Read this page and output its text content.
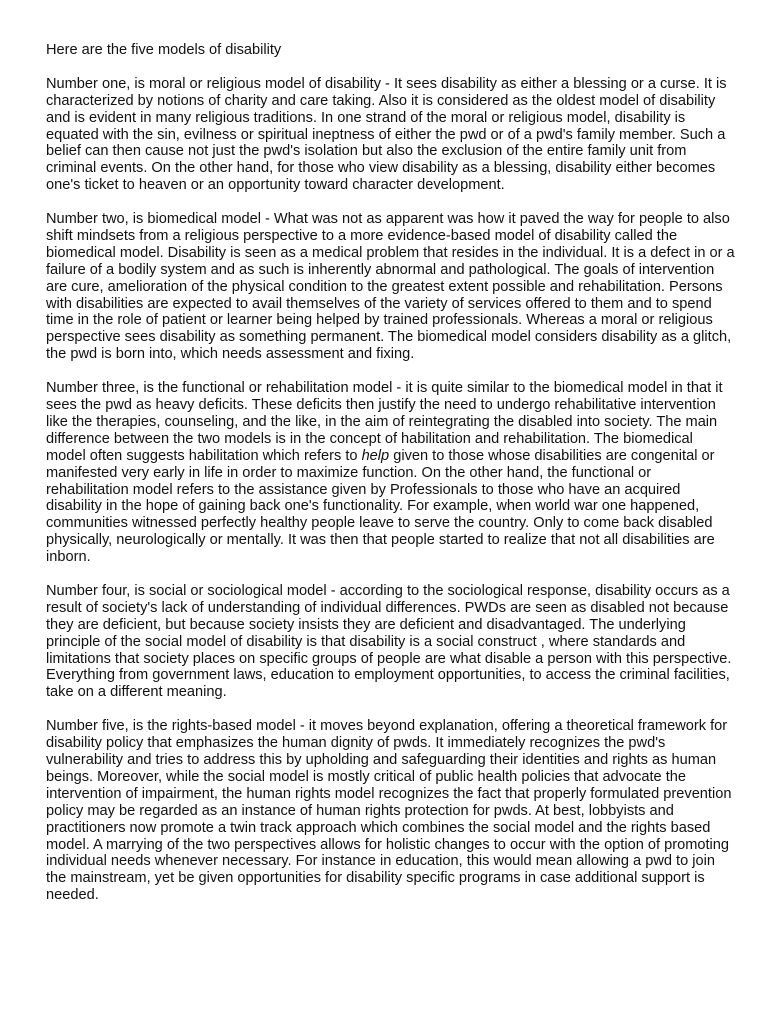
Here are the five models of disability

Number one, is moral or religious model of disability - It sees disability as either a blessing or a curse. It is characterized by notions of charity and care taking. Also it is considered as the oldest model of disability and is evident in many religious traditions. In one strand of the moral or religious model, disability is equated with the sin, evilness or spiritual ineptness of either the pwd or of a pwd's family member. Such a belief can then cause not just the pwd's isolation but also the exclusion of the entire family unit from criminal events. On the other hand, for those who view disability as a blessing, disability either becomes one's ticket to heaven or an opportunity toward character development.

Number two, is biomedical model - What was not as apparent was how it paved the way for people to also shift mindsets from a religious perspective to a more evidence-based model of disability called the biomedical model. Disability is seen as a medical problem that resides in the individual. It is a defect in or a failure of a bodily system and as such is inherently abnormal and pathological. The goals of intervention are cure, amelioration of the physical condition to the greatest extent possible and rehabilitation. Persons with disabilities are expected to avail themselves of the variety of services offered to them and to spend time in the role of patient or learner being helped by trained professionals. Whereas a moral or religious perspective sees disability as something permanent. The biomedical model considers disability as a glitch, the pwd is born into, which needs assessment and fixing.

Number three, is the functional or rehabilitation model - it is quite similar to the biomedical model in that it sees the pwd as heavy deficits. These deficits then justify the need to undergo rehabilitative intervention like the therapies, counseling, and the like, in the aim of reintegrating the disabled into society. The main difference between the two models is in the concept of habilitation and rehabilitation. The biomedical model often suggests habilitation which refers to help given to those whose disabilities are congenital or manifested very early in life in order to maximize function. On the other hand, the functional or rehabilitation model refers to the assistance given by Professionals to those who have an acquired disability in the hope of gaining back one's functionality. For example, when world war one happened, communities witnessed perfectly healthy people leave to serve the country. Only to come back disabled physically, neurologically or mentally. It was then that people started to realize that not all disabilities are inborn.

Number four, is social or sociological model - according to the sociological response, disability occurs as a result of society's lack of understanding of individual differences. PWDs are seen as disabled not because they are deficient, but because society insists they are deficient and disadvantaged. The underlying principle of the social model of disability is that disability is a social construct , where standards and limitations that society places on specific groups of people are what disable a person with this perspective. Everything from government laws, education to employment opportunities, to access the criminal facilities, take on a different meaning.

Number five, is the rights-based model - it moves beyond explanation, offering a theoretical framework for disability policy that emphasizes the human dignity of pwds. It immediately recognizes the pwd's vulnerability and tries to address this by upholding and safeguarding their identities and rights as human beings. Moreover, while the social model is mostly critical of public health policies that advocate the intervention of impairment, the human rights model recognizes the fact that properly formulated prevention policy may be regarded as an instance of human rights protection for pwds. At best, lobbyists and practitioners now promote a twin track approach which combines the social model and the rights based model. A marrying of the two perspectives allows for holistic changes to occur with the option of promoting individual needs whenever necessary. For instance in education, this would mean allowing a pwd to join the mainstream, yet be given opportunities for disability specific programs in case additional support is needed.
